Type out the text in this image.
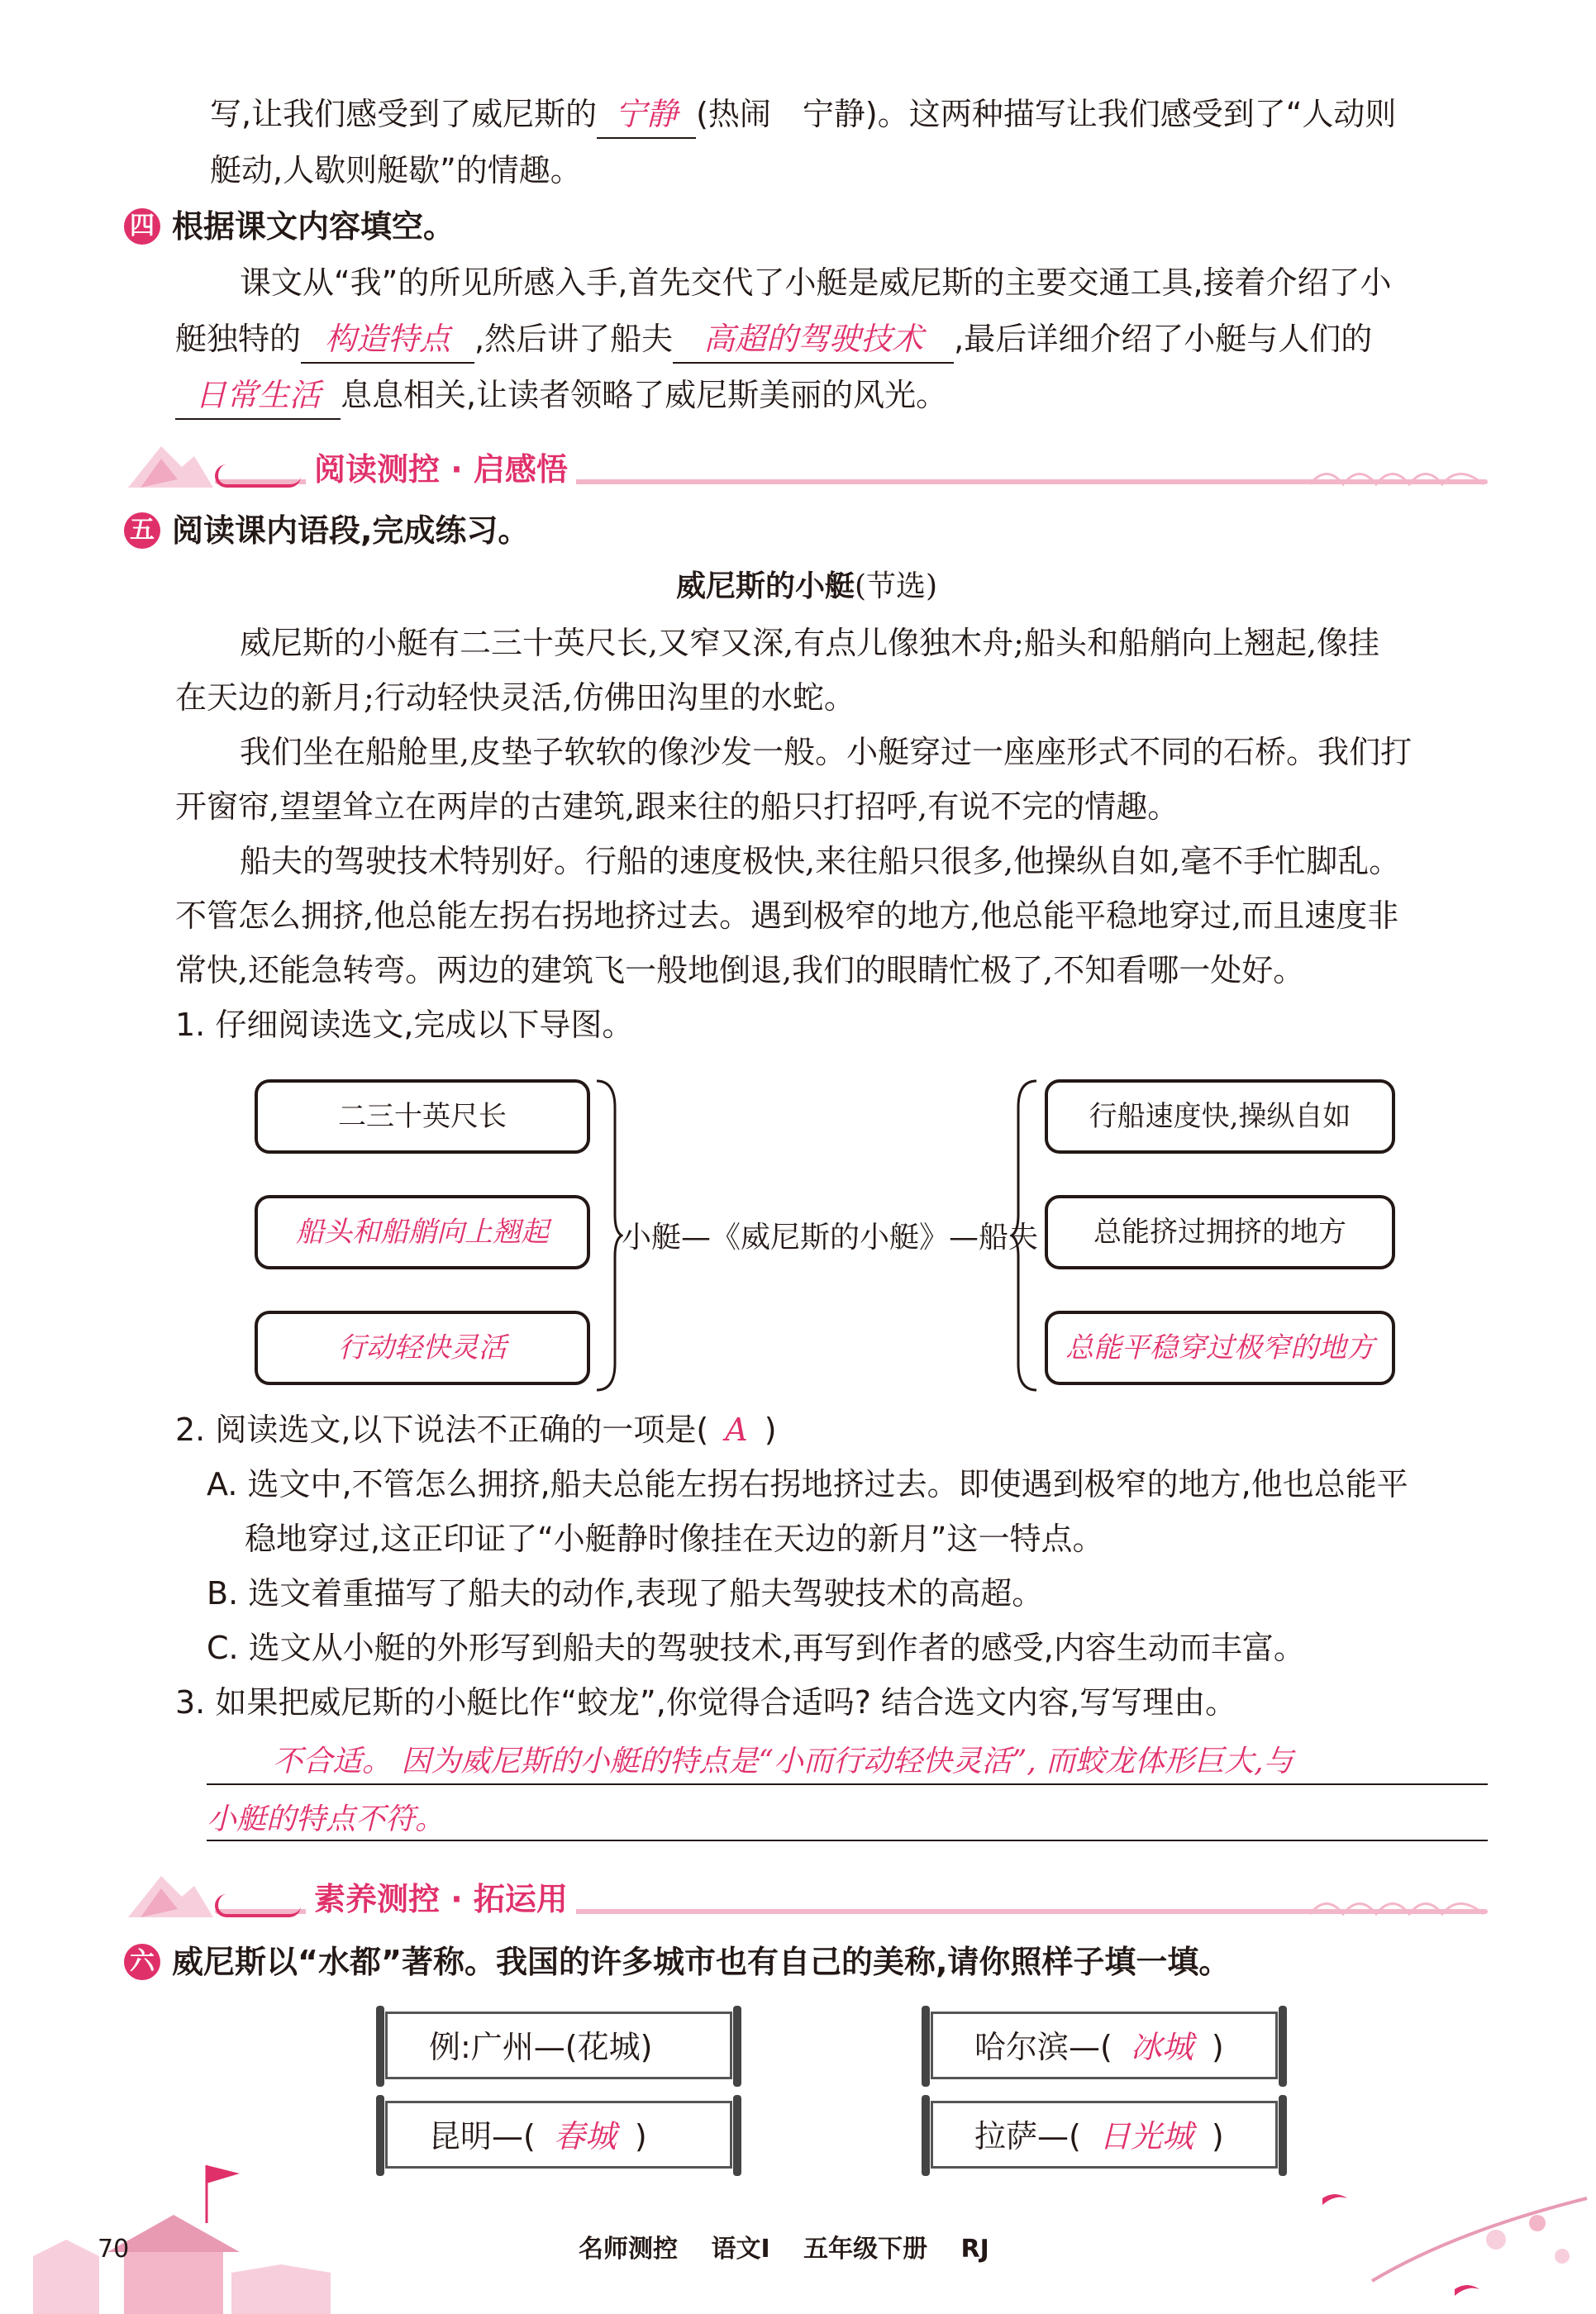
写,让我们感受到了威尼斯的 宁静 (热闹　宁静)。这两种描写让我们感受到了“人动则
艇动,人歇则艇歇”的情趣。
四 根据课文内容填空。
课文从“我”的所见所感入手,首先交代了小艇是威尼斯的主要交通工具,接着介绍了小
艇独特的 构造特点 ,然后讲了船夫 高超的驾驶技术 ,最后详细介绍了小艇与人们的
日常生活 息息相关,让读者领略了威尼斯美丽的风光。
阅读测控 · 启感悟
五 阅读课内语段,完成练习。
威尼斯的小艇(节选)
威尼斯的小艇有二三十英尺长,又窄又深,有点儿像独木舟;船头和船艄向上翘起,像挂
在天边的新月;行动轻快灵活,仿佛田沟里的水蛇。
我们坐在船舱里,皮垫子软软的像沙发一般。小艇穿过一座座形式不同的石桥。我们打
开窗帘,望望耸立在两岸的古建筑,跟来往的船只打招呼,有说不完的情趣。
船夫的驾驶技术特别好。行船的速度极快,来往船只很多,他操纵自如,毫不手忙脚乱。
不管怎么拥挤,他总能左拐右拐地挤过去。遇到极窄的地方,他总能平稳地穿过,而且速度非
常快,还能急转弯。两边的建筑飞一般地倒退,我们的眼睛忙极了,不知看哪一处好。
1. 仔细阅读选文,完成以下导图。
二三十英尺长
船头和船艄向上翘起
行动轻快灵活
小艇—《威尼斯的小艇》—船夫
行船速度快,操纵自如
总能挤过拥挤的地方
总能平稳穿过极窄的地方
2. 阅读选文,以下说法不正确的一项是( A )
A. 选文中,不管怎么拥挤,船夫总能左拐右拐地挤过去。即使遇到极窄的地方,他也总能平
稳地穿过,这正印证了“小艇静时像挂在天边的新月”这一特点。
B. 选文着重描写了船夫的动作,表现了船夫驾驶技术的高超。
C. 选文从小艇的外形写到船夫的驾驶技术,再写到作者的感受,内容生动而丰富。
3. 如果把威尼斯的小艇比作“蛟龙”,你觉得合适吗? 结合选文内容,写写理由。
不合适。 因为威尼斯的小艇的特点是“小而行动轻快灵活”, 而蛟龙体形巨大,与
小艇的特点不符。
素养测控 · 拓运用
六 威尼斯以“水都”著称。我国的许多城市也有自己的美称,请你照样子填一填。
例:广州—(花城)	哈尔滨—( 冰城 )
昆明—( 春城 )	拉萨—( 日光城 )
70	名师测控 语文Ⅰ 五年级下册 RJ
